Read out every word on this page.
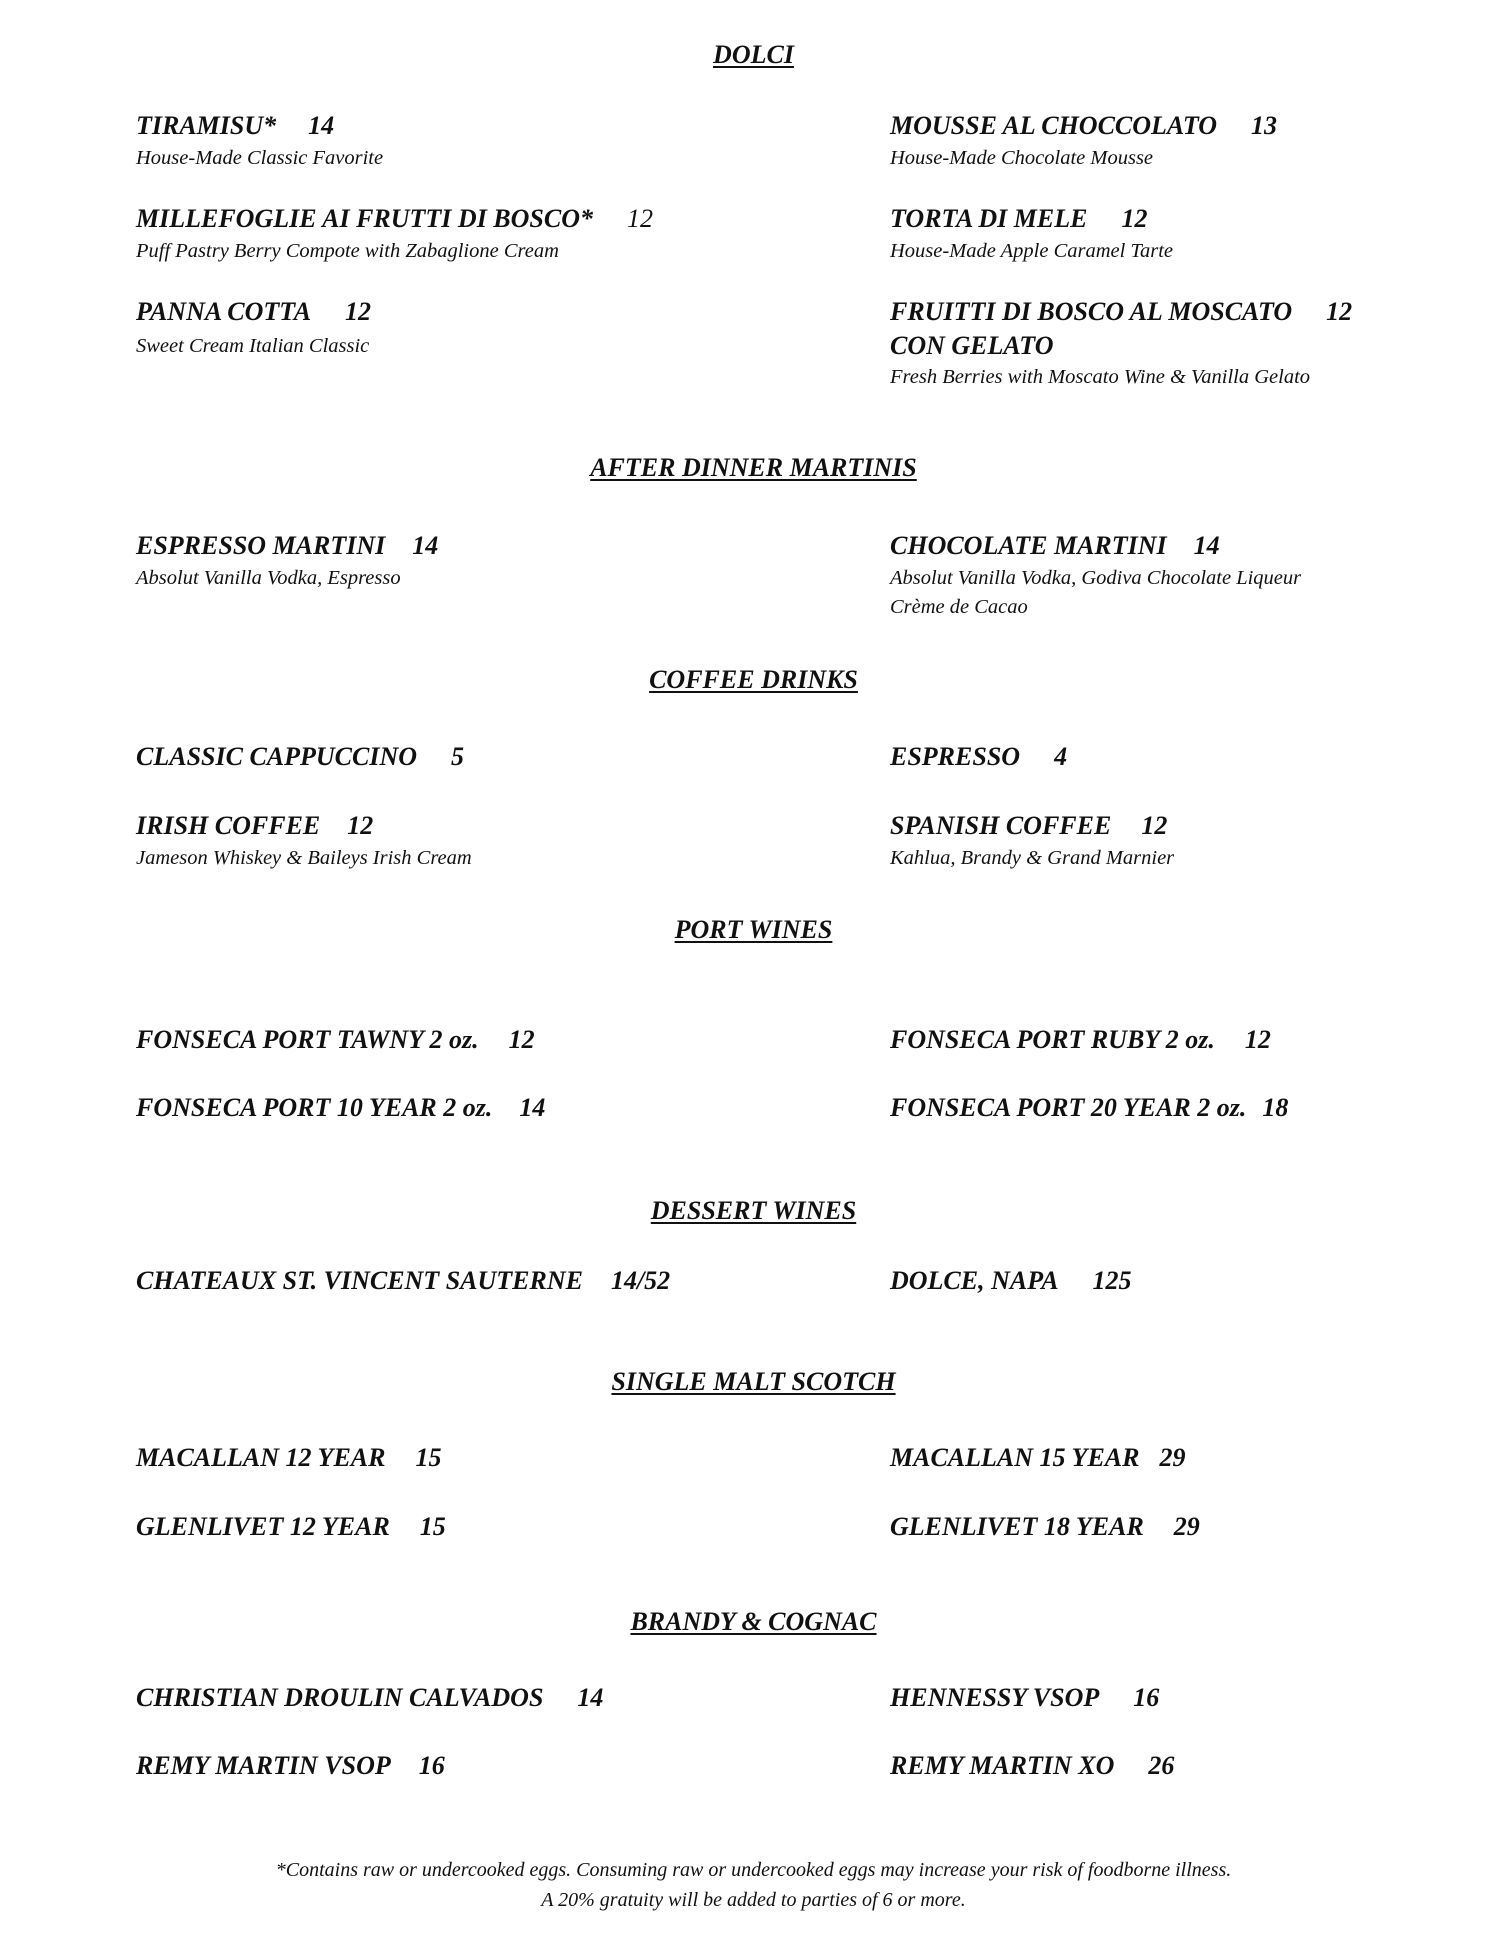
DOLCI
TIRAMISU* 14
House-Made Classic Favorite
MOUSSE AL CHOCCOLATO 13
House-Made Chocolate Mousse
MILLEFOGLIE AI FRUTTI DI BOSCO* 12
Puff Pastry Berry Compote with Zabaglione Cream
TORTA DI MELE 12
House-Made Apple Caramel Tarte
PANNA COTTA 12
Sweet Cream Italian Classic
FRUITTI DI BOSCO AL MOSCATO 12
CON GELATO
Fresh Berries with Moscato Wine & Vanilla Gelato
AFTER DINNER MARTINIS
ESPRESSO MARTINI 14
Absolut Vanilla Vodka, Espresso
CHOCOLATE MARTINI 14
Absolut Vanilla Vodka, Godiva Chocolate Liqueur
Crème de Cacao
COFFEE DRINKS
CLASSIC CAPPUCCINO 5	ESPRESSO 4
IRISH COFFEE 12
Jameson Whiskey & Baileys Irish Cream
SPANISH COFFEE 12
Kahlua, Brandy & Grand Marnier
PORT WINES
FONSECA PORT TAWNY 2 oz. 12	FONSECA PORT RUBY 2 oz. 12
FONSECA PORT 10 YEAR 2 oz. 14	FONSECA PORT 20 YEAR 2 oz. 18
DESSERT WINES
CHATEAUX ST. VINCENT SAUTERNE 14/52	DOLCE, NAPA 125
SINGLE MALT SCOTCH
MACALLAN 12 YEAR 15	MACALLAN 15 YEAR 29
GLENLIVET 12 YEAR 15	GLENLIVET 18 YEAR 29
BRANDY & COGNAC
CHRISTIAN DROULIN CALVADOS 14	HENNESSY VSOP 16
REMY MARTIN VSOP 16	REMY MARTIN XO 26
*Contains raw or undercooked eggs. Consuming raw or undercooked eggs may increase your risk of foodborne illness.
A 20% gratuity will be added to parties of 6 or more.
